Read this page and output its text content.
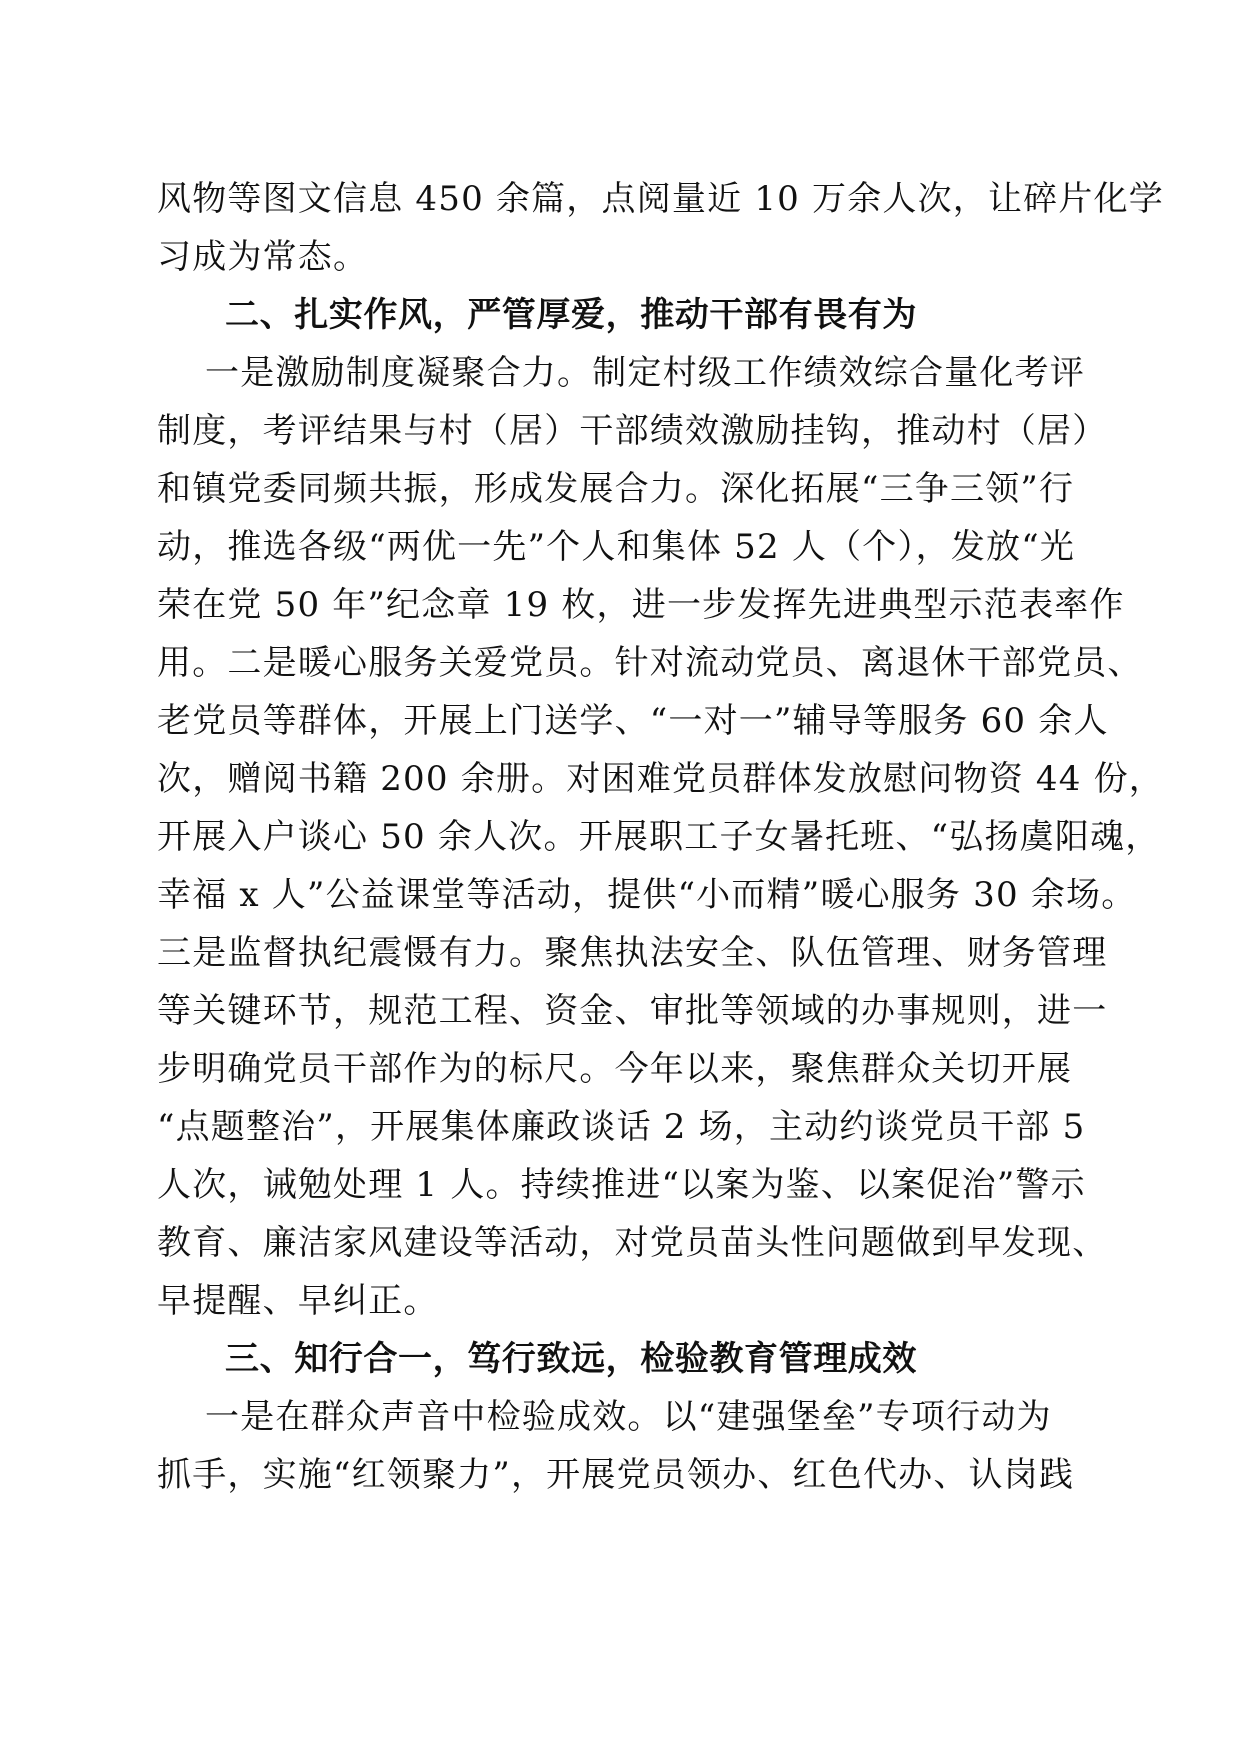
风物等图文信息 450 余篇，点阅量近 10 万余人次，让碎片化学
习成为常态。
二、扎实作风，严管厚爱，推动干部有畏有为
一是激励制度凝聚合力。制定村级工作绩效综合量化考评
制度，考评结果与村（居）干部绩效激励挂钩，推动村（居）
和镇党委同频共振，形成发展合力。深化拓展“三争三领”行
动，推选各级“两优一先”个人和集体 52 人（个），发放“光
荣在党 50 年”纪念章 19 枚，进一步发挥先进典型示范表率作
用。二是暖心服务关爱党员。针对流动党员、离退休干部党员、
老党员等群体，开展上门送学、“一对一”辅导等服务 60 余人
次，赠阅书籍 200 余册。对困难党员群体发放慰问物资 44 份，
开展入户谈心 50 余人次。开展职工子女暑托班、“弘扬虞阳魂，
幸福 x 人”公益课堂等活动，提供“小而精”暖心服务 30 余场。
三是监督执纪震慑有力。聚焦执法安全、队伍管理、财务管理
等关键环节，规范工程、资金、审批等领域的办事规则，进一
步明确党员干部作为的标尺。今年以来，聚焦群众关切开展
“点题整治”，开展集体廉政谈话 2 场，主动约谈党员干部 5
人次，诫勉处理 1 人。持续推进“以案为鉴、以案促治”警示
教育、廉洁家风建设等活动，对党员苗头性问题做到早发现、
早提醒、早纠正。
三、知行合一，笃行致远，检验教育管理成效
一是在群众声音中检验成效。以“建强堡垒”专项行动为
抓手，实施“红领聚力”，开展党员领办、红色代办、认岗践
